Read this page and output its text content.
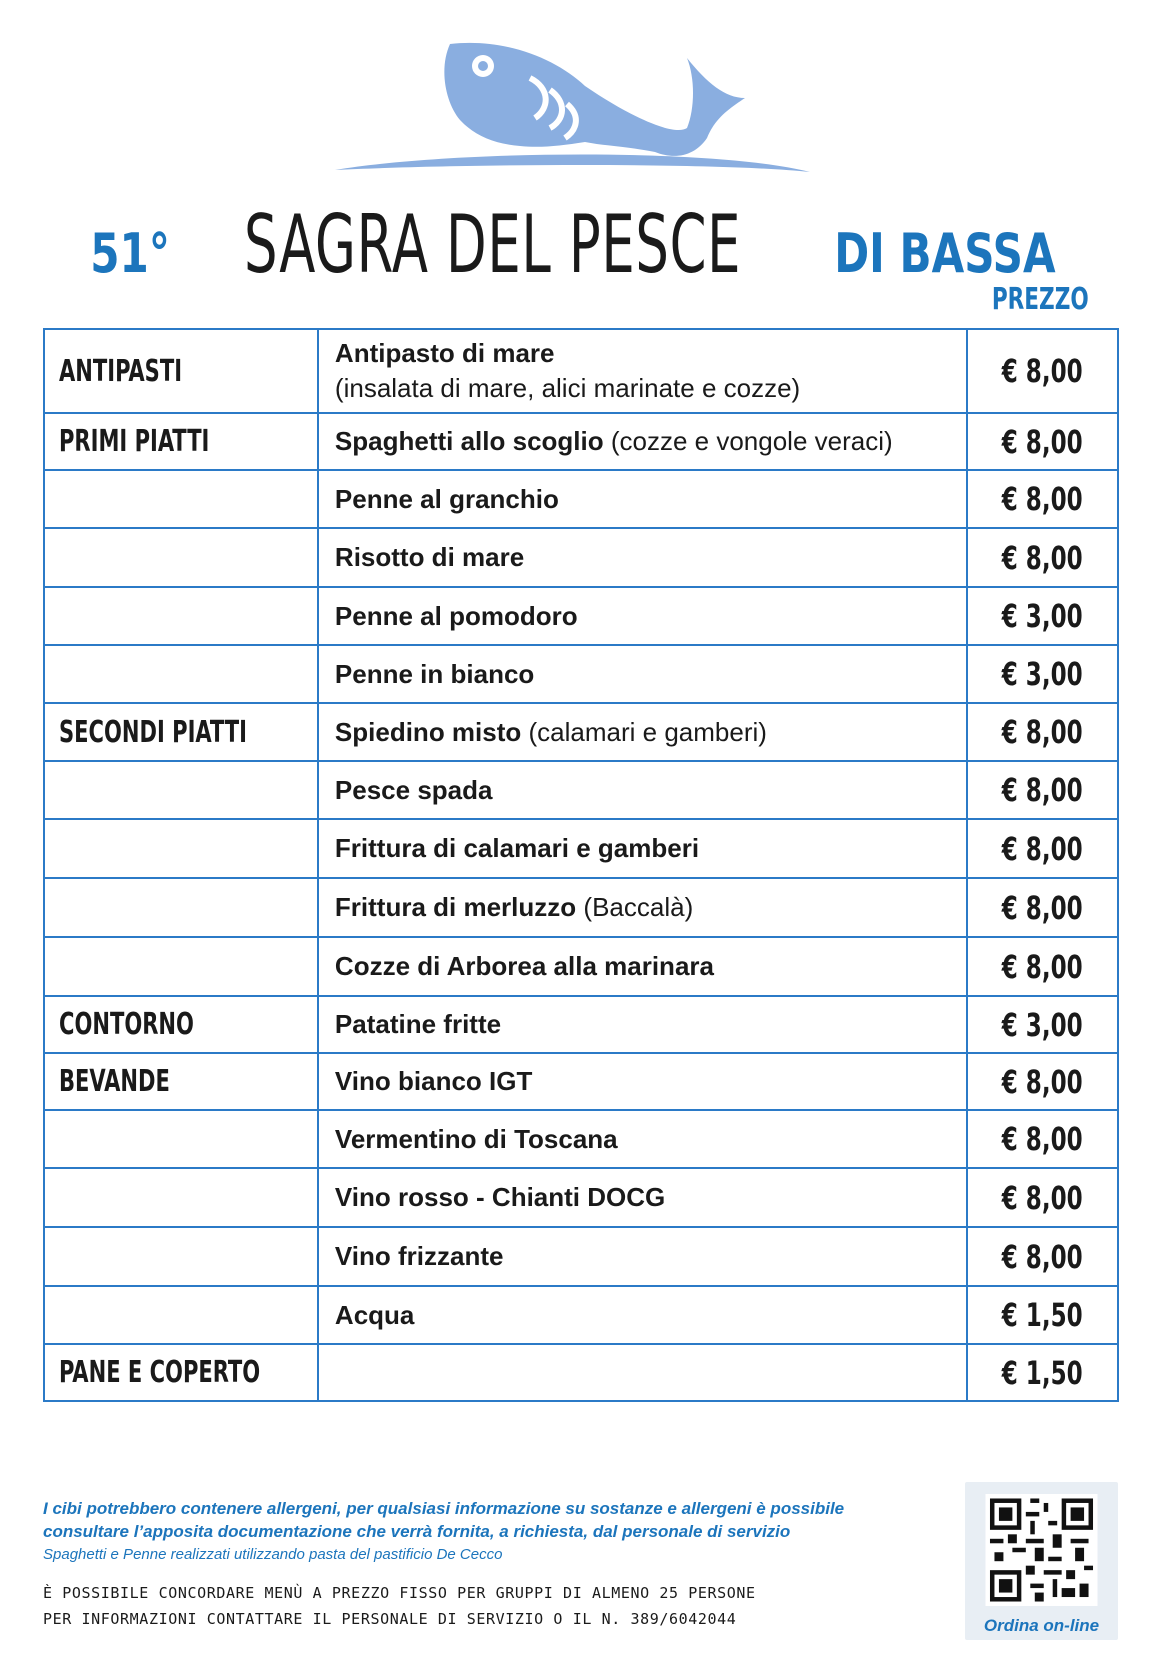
51° SAGRA DEL PESCE DI BASSA
PREZZO
ANTIPASTI	Antipasto di mare
(insalata di mare, alici marinate e cozze)	€ 8,00
PRIMI PIATTI	Spaghetti allo scoglio (cozze e vongole veraci)	€ 8,00
	Penne al granchio	€ 8,00
	Risotto di mare	€ 8,00
	Penne al pomodoro	€ 3,00
	Penne in bianco	€ 3,00
SECONDI PIATTI	Spiedino misto (calamari e gamberi)	€ 8,00
	Pesce spada	€ 8,00
	Frittura di calamari e gamberi	€ 8,00
	Frittura di merluzzo (Baccalà)	€ 8,00
	Cozze di Arborea alla marinara	€ 8,00
CONTORNO	Patatine fritte	€ 3,00
BEVANDE	Vino bianco IGT	€ 8,00
	Vermentino di Toscana	€ 8,00
	Vino rosso - Chianti DOCG	€ 8,00
	Vino frizzante	€ 8,00
	Acqua	€ 1,50
PANE E COPERTO		€ 1,50
I cibi potrebbero contenere allergeni, per qualsiasi informazione su sostanze e allergeni è possibile
consultare l’apposita documentazione che verrà fornita, a richiesta, dal personale di servizio
Spaghetti e Penne realizzati utilizzando pasta del pastificio De Cecco
È POSSIBILE CONCORDARE MENÙ A PREZZO FISSO PER GRUPPI DI ALMENO 25 PERSONE
PER INFORMAZIONI CONTATTARE IL PERSONALE DI SERVIZIO O IL N. 389/6042044	Ordina on-line
